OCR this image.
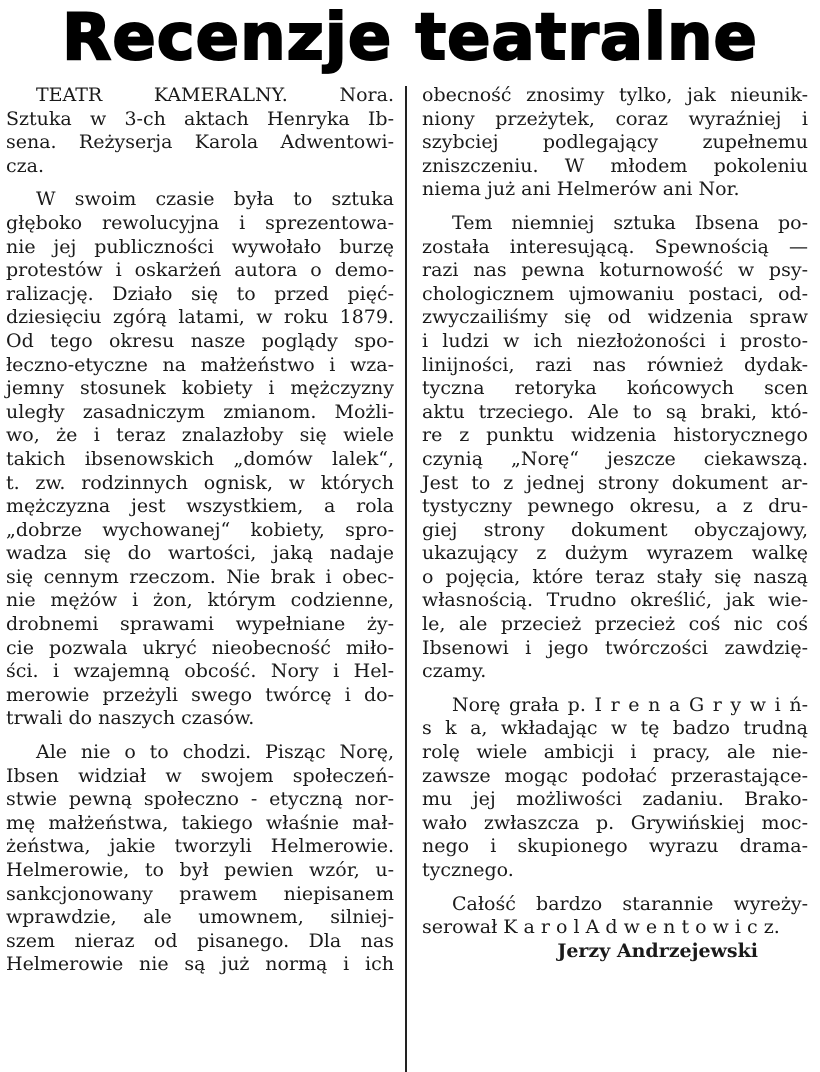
Recenzje teatralne
TEATR KAMERALNY. Nora.
Sztuka w 3-ch aktach Henryka Ib-
sena. Reżyserja Karola Adwentowi-
cza.
W swoim czasie była to sztuka
głęboko rewolucyjna i sprezentowa-
nie jej publiczności wywołało burzę
protestów i oskarżeń autora o demo-
ralizację. Działo się to przed pięć-
dziesięciu zgórą latami, w roku 1879.
Od tego okresu nasze poglądy spo-
łeczno-etyczne na małżeństwo i wza-
jemny stosunek kobiety i mężczyzny
uległy zasadniczym zmianom. Możli-
wo, że i teraz znalazłoby się wiele
takich ibsenowskich „domów lalek“,
t. zw. rodzinnych ognisk, w których
mężczyzna jest wszystkiem, a rola
„dobrze wychowanej“ kobiety, spro-
wadza się do wartości, jaką nadaje
się cennym rzeczom. Nie brak i obec-
nie mężów i żon, którym codzienne,
drobnemi sprawami wypełniane ży-
cie pozwala ukryć nieobecność miło-
ści. i wzajemną obcość. Nory i Hel-
merowie przeżyli swego twórcę i do-
trwali do naszych czasów.
Ale nie o to chodzi. Pisząc Norę,
Ibsen widział w swojem społeczeń-
stwie pewną społeczno - etyczną nor-
mę małżeństwa, takiego właśnie mał-
żeństwa, jakie tworzyli Helmerowie.
Helmerowie, to był pewien wzór, u-
sankcjonowany prawem niepisanem
wprawdzie, ale umownem, silniej-
szem nieraz od pisanego. Dla nas
Helmerowie nie są już normą i ich
obecność znosimy tylko, jak nieunik-
niony przeżytek, coraz wyraźniej i
szybciej podlegający zupełnemu
zniszczeniu. W młodem pokoleniu
niema już ani Helmerów ani Nor.
Tem niemniej sztuka Ibsena po-
została interesującą. Spewnością —
razi nas pewna koturnowość w psy-
chologicznem ujmowaniu postaci, od-
zwyczailiśmy się od widzenia spraw
i ludzi w ich niezłożoności i prosto-
linijności, razi nas również dydak-
tyczna retoryka końcowych scen
aktu trzeciego. Ale to są braki, któ-
re z punktu widzenia historycznego
czynią „Norę“ jeszcze ciekawszą.
Jest to z jednej strony dokument ar-
tystyczny pewnego okresu, a z dru-
giej strony dokument obyczajowy,
ukazujący z dużym wyrazem walkę
o pojęcia, które teraz stały się naszą
własnością. Trudno określić, jak wie-
le, ale przecież przecież coś nic coś
Ibsenowi i jego twórczości zawdzię-
czamy.
Norę grała p. I r e n a G r y w i ń-
s k a, wkładając w tę badzo trudną
rolę wiele ambicji i pracy, ale nie-
zawsze mogąc podołać przerastające-
mu jej możliwości zadaniu. Brako-
wało zwłaszcza p. Grywińskiej moc-
nego i skupionego wyrazu drama-
tycznego.
Całość bardzo starannie wyreży-
serował K a r o l A d w e n t o w i c z.
Jerzy Andrzejewski
